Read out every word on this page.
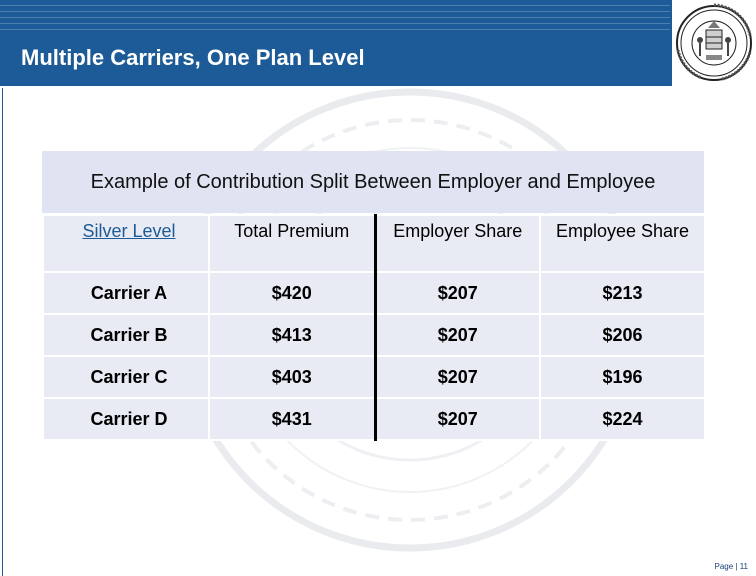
Multiple Carriers, One Plan Level
Example of Contribution Split Between Employer and Employee
Silver Level	Total Premium	Employer Share	Employee Share
Carrier A	$420	$207	$213
Carrier B	$413	$207	$206
Carrier C	$403	$207	$196
Carrier D	$431	$207	$224
Page | 11
